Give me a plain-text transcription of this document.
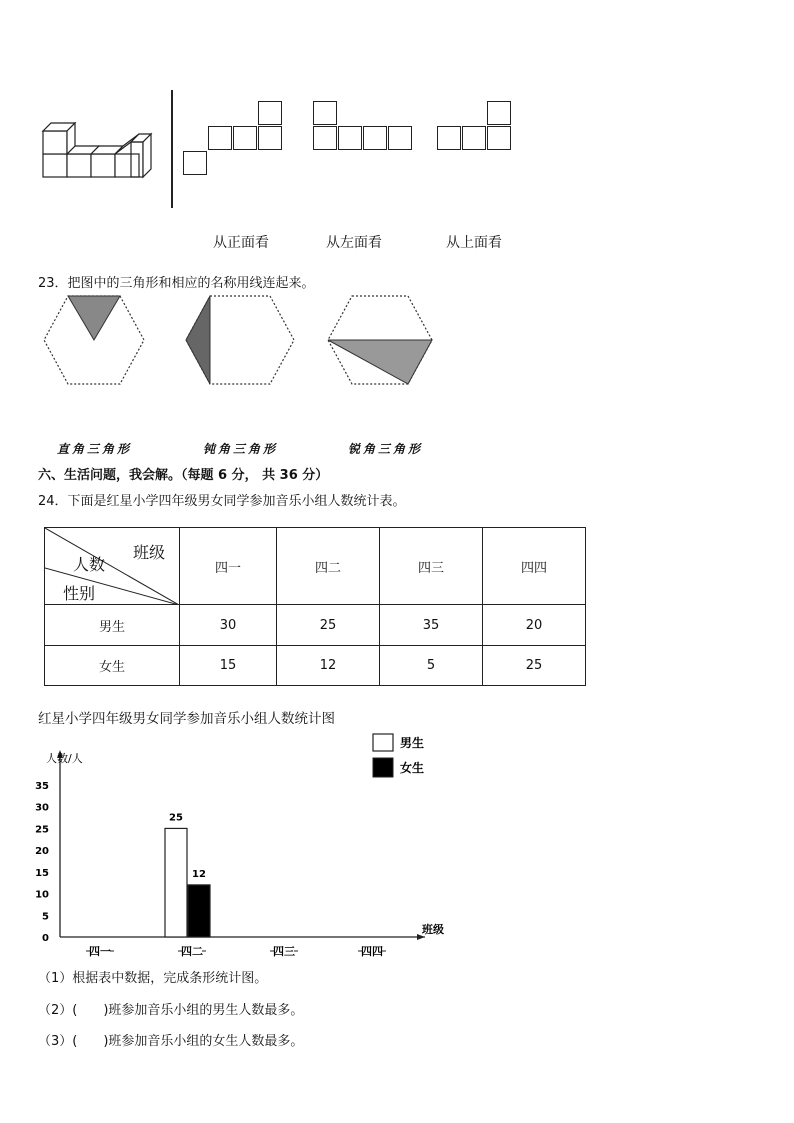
从正面看	从左面看	从上面看
23．把图中的三角形和相应的名称用线连起来。
直角三角形	钝角三角形	锐角三角形
六、生活问题，我会解。（每题 6 分， 共 36 分）
24．下面是红星小学四年级男女同学参加音乐小组人数统计表。
班级
人数
性别	四一	四二	四三	四四
男生	30	25	35	20
女生	15	12	5	25
红星小学四年级男女同学参加音乐小组人数统计图
人数/人
班级
0
5
10
15
20
25
30
35
四一	四二	四三	四四
25
12
男生
女生
（1）根据表中数据，完成条形统计图。
（2）(　　)班参加音乐小组的男生人数最多。
（3）(　　)班参加音乐小组的女生人数最多。
